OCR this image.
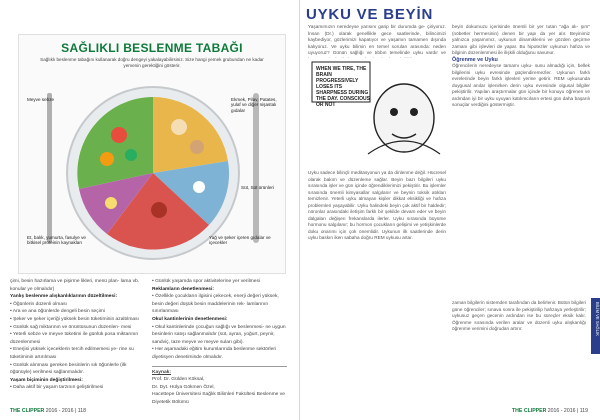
SAĞLIKLI BESLENME TABAĞI
Sağlıklı beslenme tabağını kullanarak doğru dengeyi yakalayabilirsiniz. Size hangi yemek grubundan ne kadar yemenin gerektiğini gösterir.
Meyve sebze	Ekmek, Pilav, Patates, yulaf ve diğer nişastalı gıdalar
Süt, Süt ürünleri
Et, balık, yumurta, fasulye ve bitkisel proteinin kaynakları
Yağ ve şeker içeren gıdalar ve içecekler
çimi, besin hazırlama ve pişirme likleri, menü plan- lama vb. konular ye olmalıdır)
Yanlış beslenme alışkanlıklarının düzeltilmesi:
• Öğünlerin düzenli olması
• Ara ve ana öğünlerde dengeli besin seçimi
• Şeker ve şeker içeriği yüksek besin tüketiminin azaltılması
• Günlük sağ miktarının ve önüntüsunun düzenlen- mesi
• Yeterli sebze ve meyve tüketimi ile günlük posa miktarının düzenlenmesi
• Enerjisi yüksek içeceklerin tercih edilmemesi ye- rine su tüketiminin artırılması
• Günlük alınması gereken besinlerin sık öğünlerle (ilk öğünüyle) verilmesi sağlanmalıdır.
Yaşam biçiminin değiştirilmesi:
• Daha aktif bir yaşam tarzının geliştirilmesi
• Günlük yaşamda spor aktivitelerine yer verilmesi
Reklamların denetlenmesi:
• Özellikle çocukların ilgisini çekecek, enerji değeri yüksek, besin değeri düşük besin maddelerinin rek- lamlarının sınırlanması
Okul kantinlerinin denetlenmesi:
• Okul kantinlerinde çocuğun sağlığı ve beslenmesi- ne uygun besinlerin satışı sağlanmalıdır (süt, ayran, yoğurt, peynir, sandviç, taze meyve ve meyve suları gibi).
• Her aşamadaki eğitim kurumlarında beslenme sektörleri diyetisyen denetiminde olmalıdır.
Kaynak:
Prof. Dr. Gülden Köksal,
Dr. Dyt. Hülya Gökmen Özel,
Hacettepe Üniversitesi Sağlık Bilimleri Fakültesi Beslenme ve Diyetetik Bölümü
THE CLIPPER 2016 - 2016 | 118
UYKU VE BEYİN
Yaşamımızın neredeyse yarısını garip bir durumda ge- çiriyoruz. İnsan (Dr.) olarak genellikle gece saatlerinde, bilincimizi kaybediyor, gözlerimizi kapatıyor ve yaşamın tamamen dışında kalıyoruz. Ve uyku bilimin en temel soruları arasında: neden uyuyoruz? Günün sağlığı ve tıbbın temelinde uyku vardır ve
WHEN WE TIRE, THE BRAIN PROGRESSIVELY LOSES ITS SHARPNESS DURING THE DAY. CONSCIOUS OR NOT
Uyku sadece bilinçli meditasyonun ya da dinlenme değil. Hücresel olarak bakım ve düzenleme sağlar. Beyin bazı bilgileri uyku sırasında işler ve gün içinde öğrendiklerimizi pekiştirir. Bu işlemler sırasında önemli kimyasallar salgılanır ve beynin toksik atıkları temizlenir. Yeterli uyku almayan kişiler dikkat eksikliği ve hafıza problemleri yaşayabilir. Uyku halindeki beyin çok aktif bir haldedir; nöronlar arasındaki iletişim farklı bir şekilde devam eder ve beyin dalgaları değişen frekanslarda ilerler. Uyku sırasında büyüme hormonu salgılanır; bu hormon çocukların gelişimi ve yetişkinlerde doku onarımı için çok önemlidir. Uykunun ilk saatlerinde derin uyku baskın iken sabaha doğru REM uykusu artar.
beyin dokumuzu içerisinde önemli bir yer tutan "ağa alı- şım" (nöbetler hermesinin) denen bir yapı da yer alır. Beyinimiz yalnızca yaşamımız, uykunun dinamiklerini ve gözden geçirme zamanı gibi işlevleri de yapar. Bu hipotezler uykunun hafıza ve bilginin düzenlenmesi ile ilişkili olduğunu savunur.
Öğrenme ve Uyku
Öğrencilerin neredeyse tamamı uyku- sunu almadığı için, bellek bilgilerini uyku evresinde güçlendiremezler. Uykunun farklı evrelerinde beyin farklı işlevleri yerine getirir. REM uykusunda duygusal anılar işlenirken derin uyku evresinde olgusal bilgiler pekiştirilir. Yapılan araştırmalar gün içinde bir konuyu öğrenen ve ardından iyi bir uyku uyuyan katılımcıların ertesi gün daha başarılı sonuçlar verdiğini göstermiştir.
zaman bilgilerin sistemden tarafından da belirlenir. Bütün bilgileri güne öğrenciler; sınava sonra ile pekiştirilip hafızaya yerleştirilir; uykusuz geçen gecenin ardından ise bu süreçler eksik kalır. Öğrenme sırasında verilen aralar ve düzenli uyku alışkanlığı öğrenme verimini doğrudan artırır.	BİLİM VE SAĞLIK
THE CLIPPER 2016 - 2016 | 119
